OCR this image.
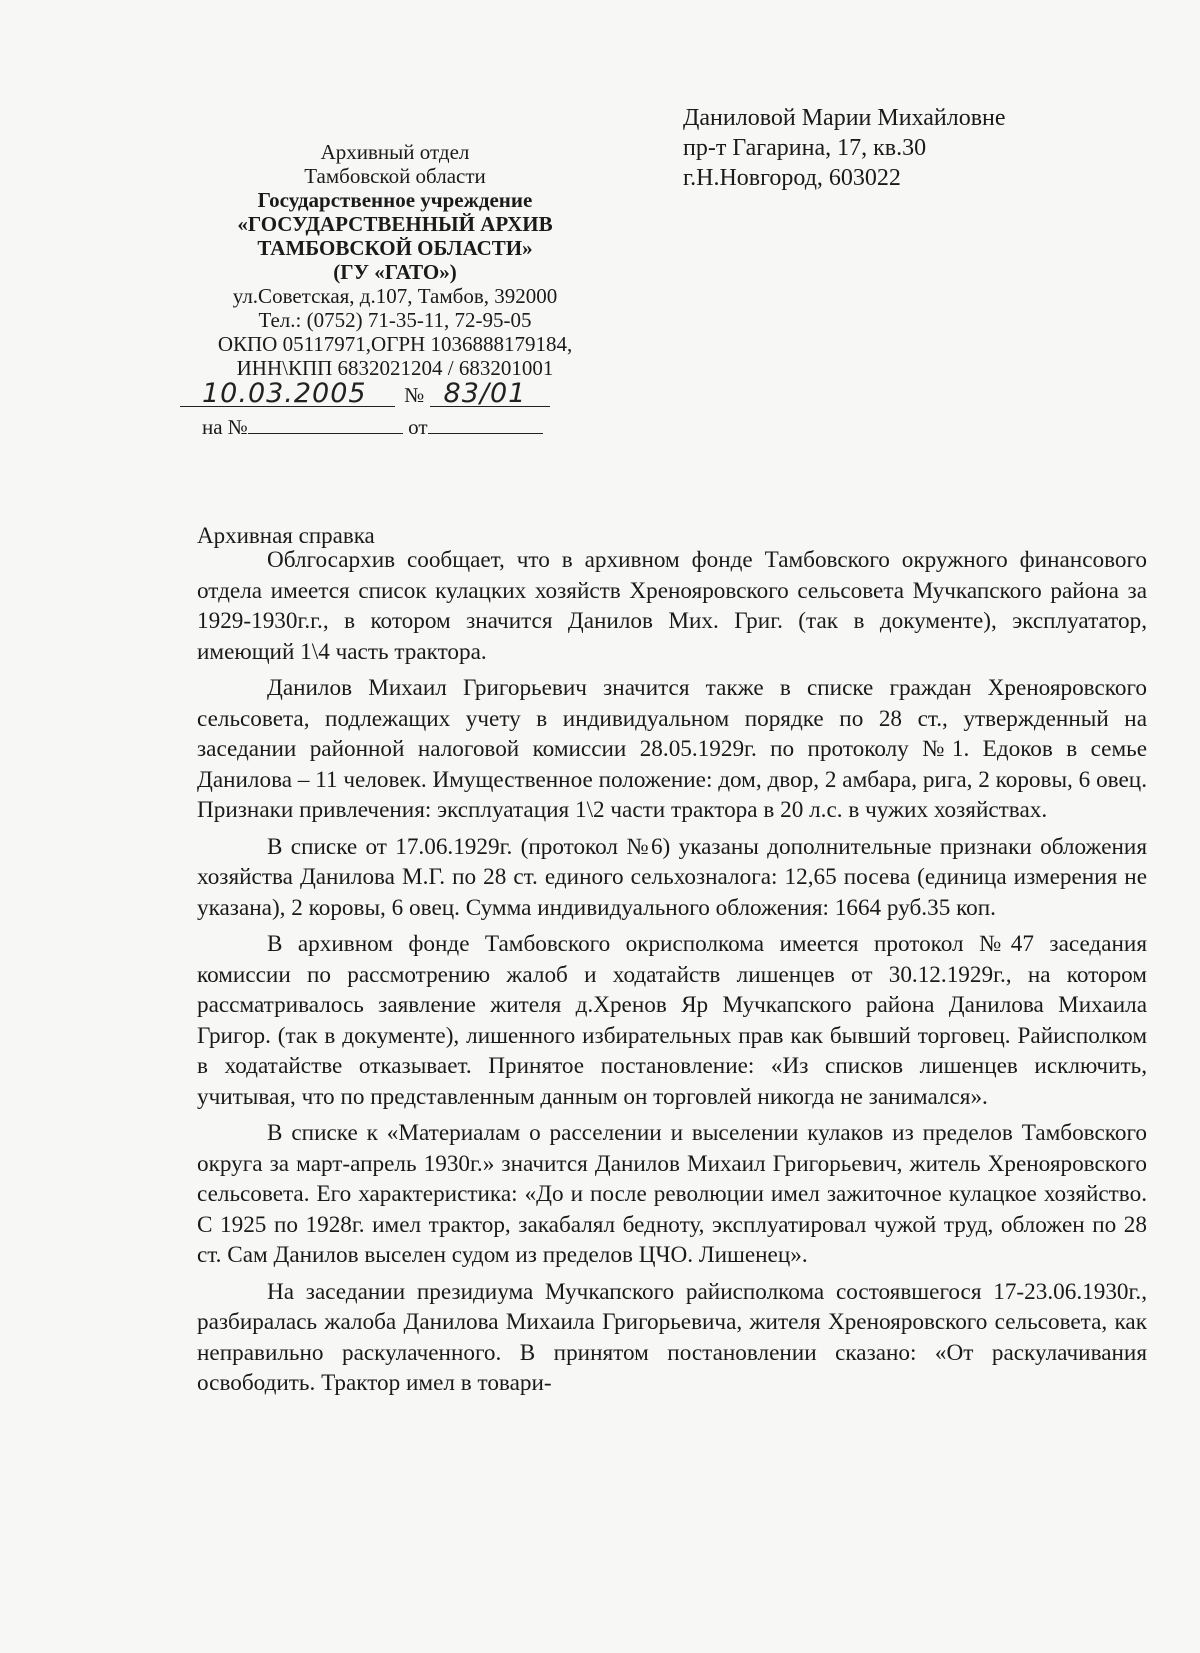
Архивный отдел
Тамбовской области
Государственное учреждение
«ГОСУДАРСТВЕННЫЙ АРХИВ
ТАМБОВСКОЙ ОБЛАСТИ»
(ГУ «ГАТО»)
ул.Советская, д.107, Тамбов, 392000
Тел.: (0752) 71-35-11, 72-95-05
ОКПО 05117971,ОГРН 1036888179184,
ИНН\КПП 6832021204 / 683201001
10.03.2005 № 83/01
на №	от
Даниловой Марии Михайловне
пр-т Гагарина, 17, кв.30
г.Н.Новгород, 603022
Архивная справка

Облгосархив сообщает, что в архивном фонде Тамбовского окружного финансового отдела имеется список кулацких хозяйств Хренояровского сельсовета Мучкапского района за 1929-1930г.г., в котором значится Данилов Мих. Григ. (так в документе), эксплуататор, имеющий 1\4 часть трактора.

Данилов Михаил Григорьевич значится также в списке граждан Хренояровского сельсовета, подлежащих учету в индивидуальном порядке по 28 ст., утвержденный на заседании районной налоговой комиссии 28.05.1929г. по протоколу №1. Едоков в семье Данилова – 11 человек. Имущественное положение: дом, двор, 2 амбара, рига, 2 коровы, 6 овец. Признаки привлечения: эксплуатация 1\2 части трактора в 20 л.с. в чужих хозяйствах.

В списке от 17.06.1929г. (протокол №6) указаны дополнительные признаки обложения хозяйства Данилова М.Г. по 28 ст. единого сельхозналога: 12,65 посева (единица измерения не указана), 2 коровы, 6 овец. Сумма индивидуального обложения: 1664 руб.35 коп.

В архивном фонде Тамбовского окрисполкома имеется протокол №47 заседания комиссии по рассмотрению жалоб и ходатайств лишенцев от 30.12.1929г., на котором рассматривалось заявление жителя д.Хренов Яр Мучкапского района Данилова Михаила Григор. (так в документе), лишенного избирательных прав как бывший торговец. Райисполком в ходатайстве отказывает. Принятое постановление: «Из списков лишенцев исключить, учитывая, что по представленным данным он торговлей никогда не занимался».

В списке к «Материалам о расселении и выселении кулаков из пределов Тамбовского округа за март-апрель 1930г.» значится Данилов Михаил Григорьевич, житель Хренояровского сельсовета. Его характеристика: «До и после революции имел зажиточное кулацкое хозяйство. С 1925 по 1928г. имел трактор, закабалял бедноту, эксплуатировал чужой труд, обложен по 28 ст. Сам Данилов выселен судом из пределов ЦЧО. Лишенец».

На заседании президиума Мучкапского райисполкома состоявшегося 17-23.06.1930г., разбиралась жалоба Данилова Михаила Григорьевича, жителя Хренояровского сельсовета, как неправильно раскулаченного. В принятом постановлении сказано: «От раскулачивания освободить. Трактор имел в товари-
